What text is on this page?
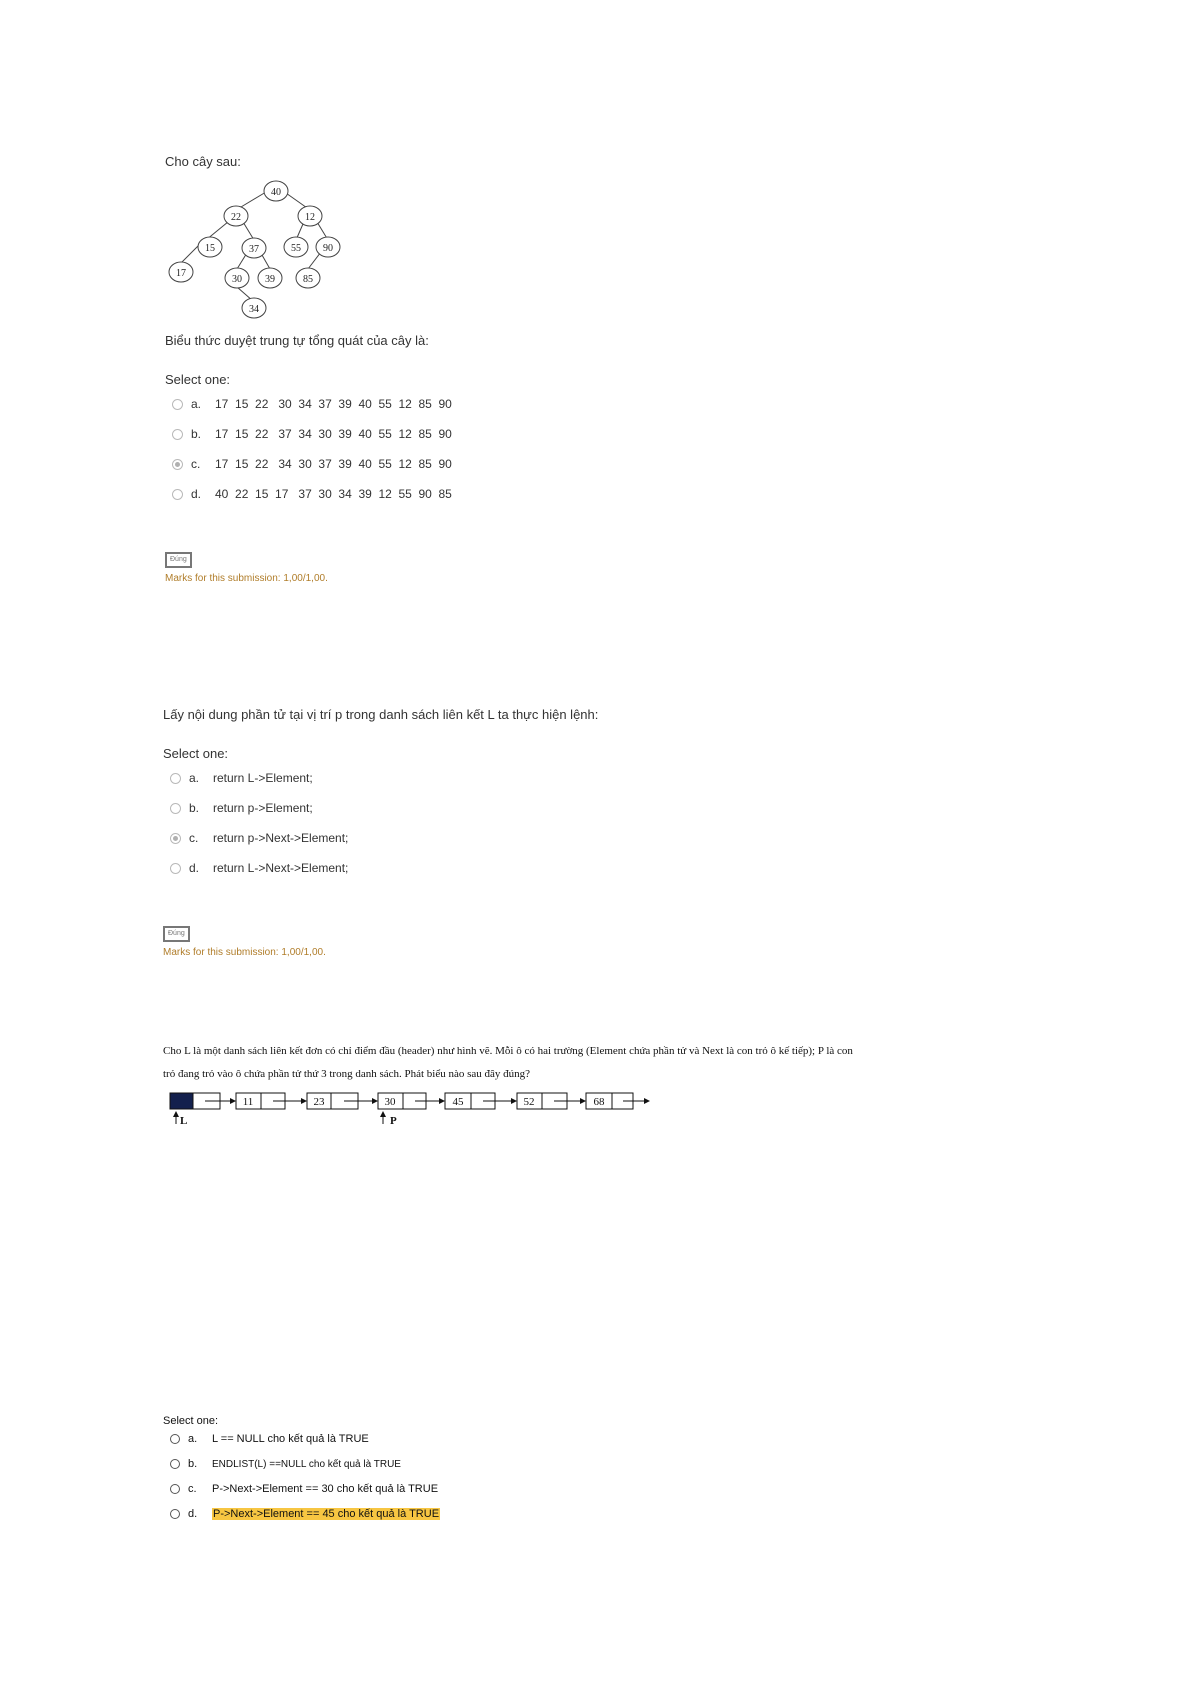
Cho cây sau:
40
22	12
15	37	55 90
17
30 39	85
34
Biểu thức duyệt trung tự tổng quát của cây là:
Select one:
a.	17  15  22   30  34  37  39  40  55  12  85  90
b.	17  15  22   37  34  30  39  40  55  12  85  90
c.	17  15  22   34  30  37  39  40  55  12  85  90
d.	40  22  15  17   37  30  34  39  12  55  90  85
Đúng
Marks for this submission: 1,00/1,00.
Lấy nội dung phần tử tại vị trí p trong danh sách liên kết L ta thực hiện lệnh:
Select one:
a.	return L->Element;
b.	return p->Element;
c.	return p->Next->Element;
d.	return L->Next->Element;
Đúng
Marks for this submission: 1,00/1,00.
Cho L là một danh sách liên kết đơn có chỉ điểm đầu (header) như hình vẽ. Mỗi ô có hai trường (Element chứa phần tử và Next là con trỏ ô kế tiếp); P là con trỏ đang trỏ vào ô chứa phần tử thứ 3 trong danh sách. Phát biểu nào sau đây đúng?
11	23	30	45	52	68
L	P
Select one:
a.	L == NULL cho kết quả là TRUE
b.	ENDLIST(L) ==NULL cho kết quả là TRUE
c.	P->Next->Element == 30 cho kết quả là TRUE
d.	P->Next->Element == 45 cho kết quả là TRUE
